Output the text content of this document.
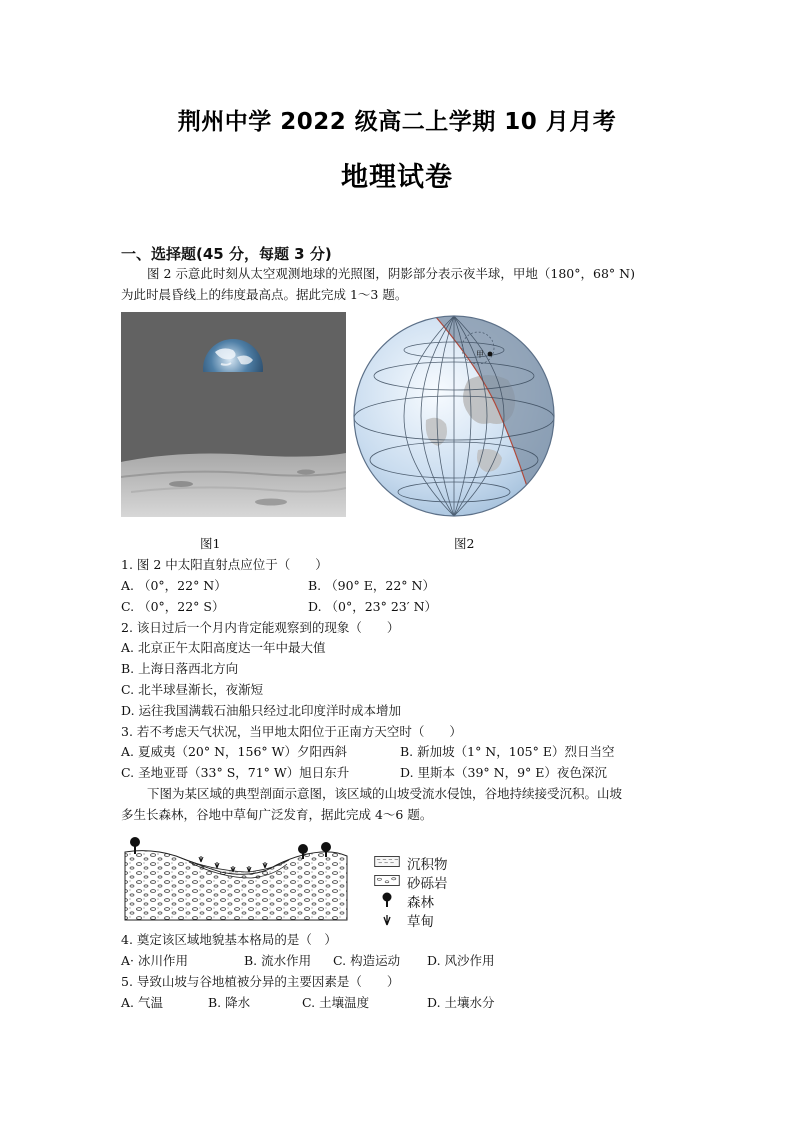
荆州中学 2022 级高二上学期 10 月月考
地理试卷
一、选择题(45 分，每题 3 分)
图 2 示意此时刻从太空观测地球的光照图，阴影部分表示夜半球，甲地（180°，68° N)
为此时晨昏线上的纬度最高点。据此完成 1～3 题。
甲
图1	图2
1. 图 2 中太阳直射点应位于（　　）
A. （0°，22° N）	B. （90° E，22° N）
C. （0°，22° S）	D. （0°，23° 23′ N）
2. 该日过后一个月内肯定能观察到的现象（　　）
A. 北京正午太阳高度达一年中最大值
B. 上海日落西北方向
C. 北半球昼渐长，夜渐短
D. 运往我国满载石油船只经过北印度洋时成本增加
3. 若不考虑天气状况，当甲地太阳位于正南方天空时（　　）
A. 夏威夷（20° N，156° W）夕阳西斜	B. 新加坡（1° N，105° E）烈日当空
C. 圣地亚哥（33° S，71° W）旭日东升	D. 里斯本（39° N，9° E）夜色深沉
下图为某区域的典型剖面示意图，该区域的山坡受流水侵蚀，谷地持续接受沉积。山坡
多生长森林，谷地中草甸广泛发育，据此完成 4～6 题。
沉积物
砂砾岩
森林
草甸
4. 奠定该区域地貌基本格局的是（　）
A· 冰川作用	B. 流水作用 C. 构造运动 D. 风沙作用
5. 导致山坡与谷地植被分异的主要因素是（　　）
A. 气温	B. 降水	C. 土壤温度	D. 土壤水分
